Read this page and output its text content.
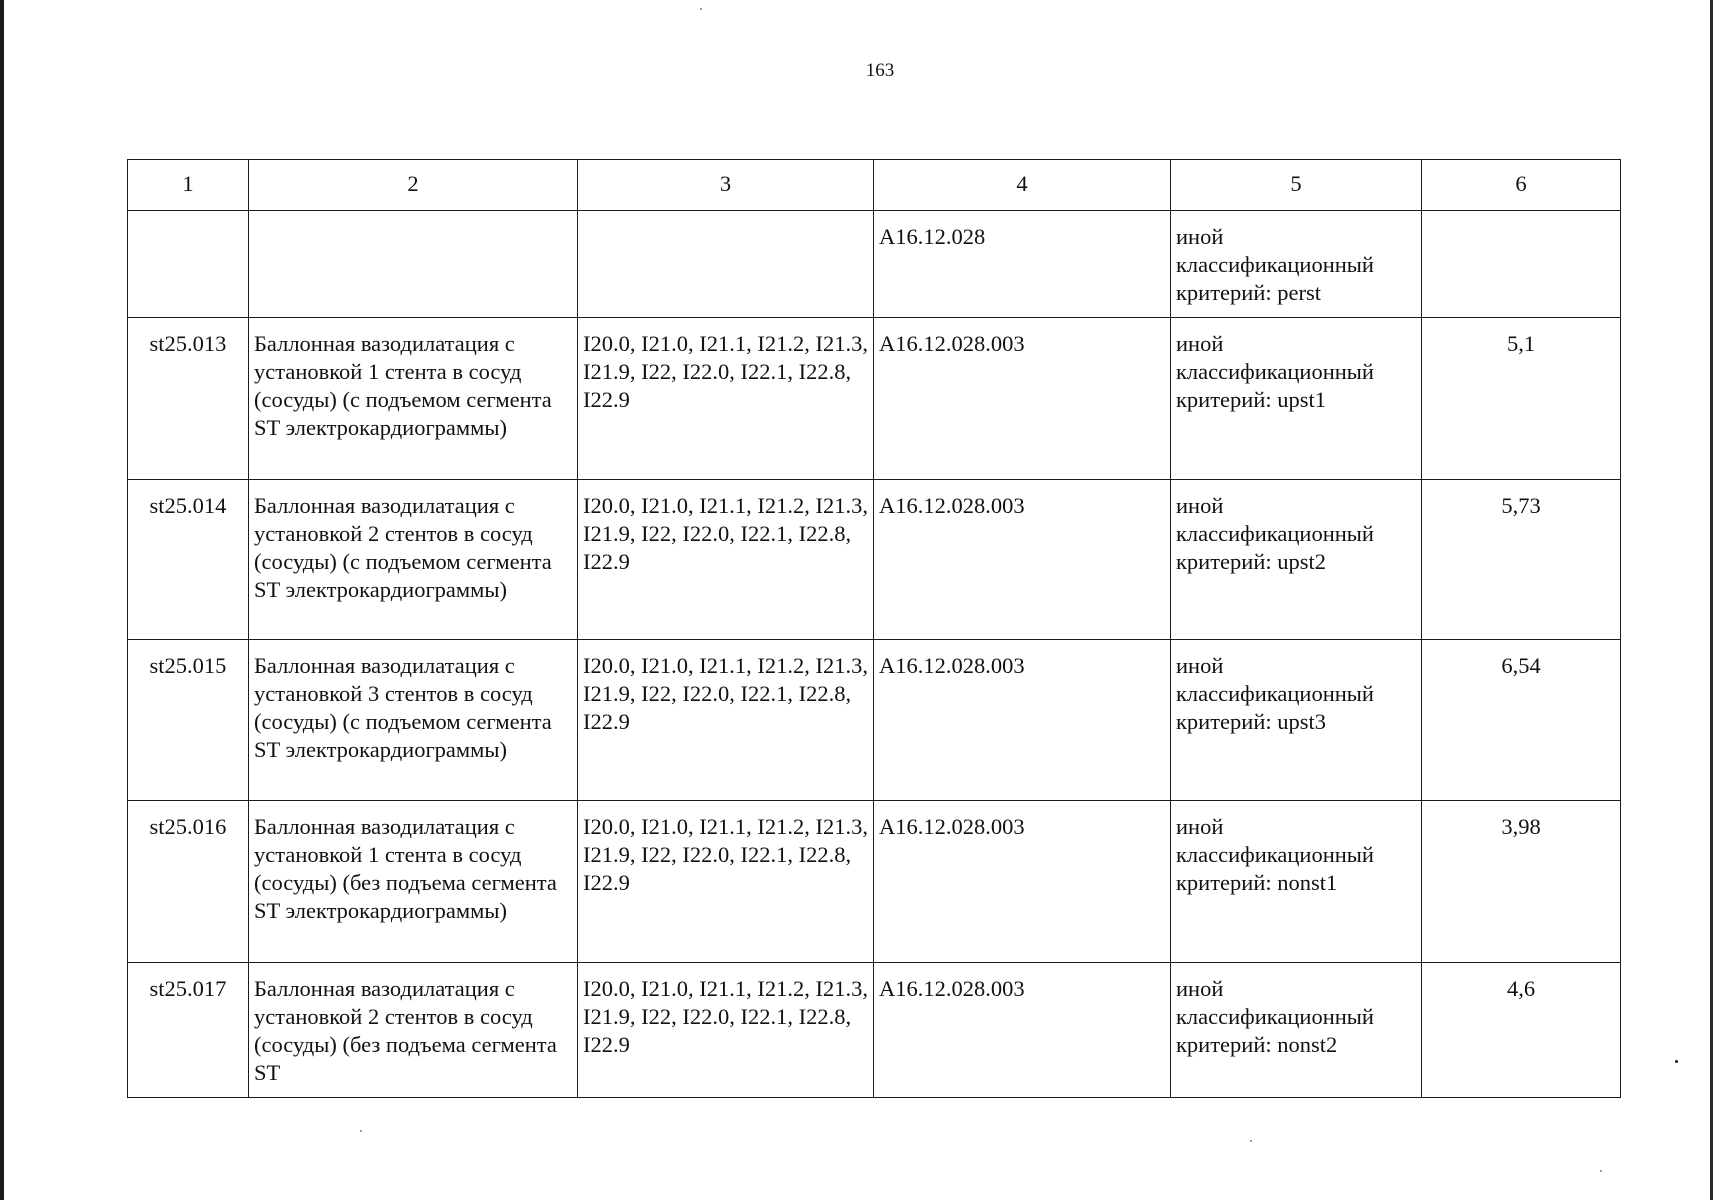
163
1	2	3	4	5	6
			A16.12.028	иной классификационный критерий: perst	
st25.013	Баллонная вазодилатация с установкой 1 стента в сосуд (сосуды) (с подъемом сегмента ST электрокардиограммы)	I20.0, I21.0, I21.1, I21.2, I21.3, I21.9, I22, I22.0, I22.1, I22.8, I22.9	A16.12.028.003	иной классификационный критерий: upst1	5,1
st25.014	Баллонная вазодилатация с установкой 2 стентов в сосуд (сосуды) (с подъемом сегмента ST электрокардиограммы)	I20.0, I21.0, I21.1, I21.2, I21.3, I21.9, I22, I22.0, I22.1, I22.8, I22.9	A16.12.028.003	иной классификационный критерий: upst2	5,73
st25.015	Баллонная вазодилатация с установкой 3 стентов в сосуд (сосуды) (с подъемом сегмента ST электрокардиограммы)	I20.0, I21.0, I21.1, I21.2, I21.3, I21.9, I22, I22.0, I22.1, I22.8, I22.9	A16.12.028.003	иной классификационный критерий: upst3	6,54
st25.016	Баллонная вазодилатация с установкой 1 стента в сосуд (сосуды) (без подъема сегмента ST электрокардиограммы)	I20.0, I21.0, I21.1, I21.2, I21.3, I21.9, I22, I22.0, I22.1, I22.8, I22.9	A16.12.028.003	иной классификационный критерий: nonst1	3,98
st25.017	Баллонная вазодилатация с установкой 2 стентов в сосуд (сосуды) (без подъема сегмента ST	I20.0, I21.0, I21.1, I21.2, I21.3, I21.9, I22, I22.0, I22.1, I22.8, I22.9	A16.12.028.003	иной классификационный критерий: nonst2	4,6
